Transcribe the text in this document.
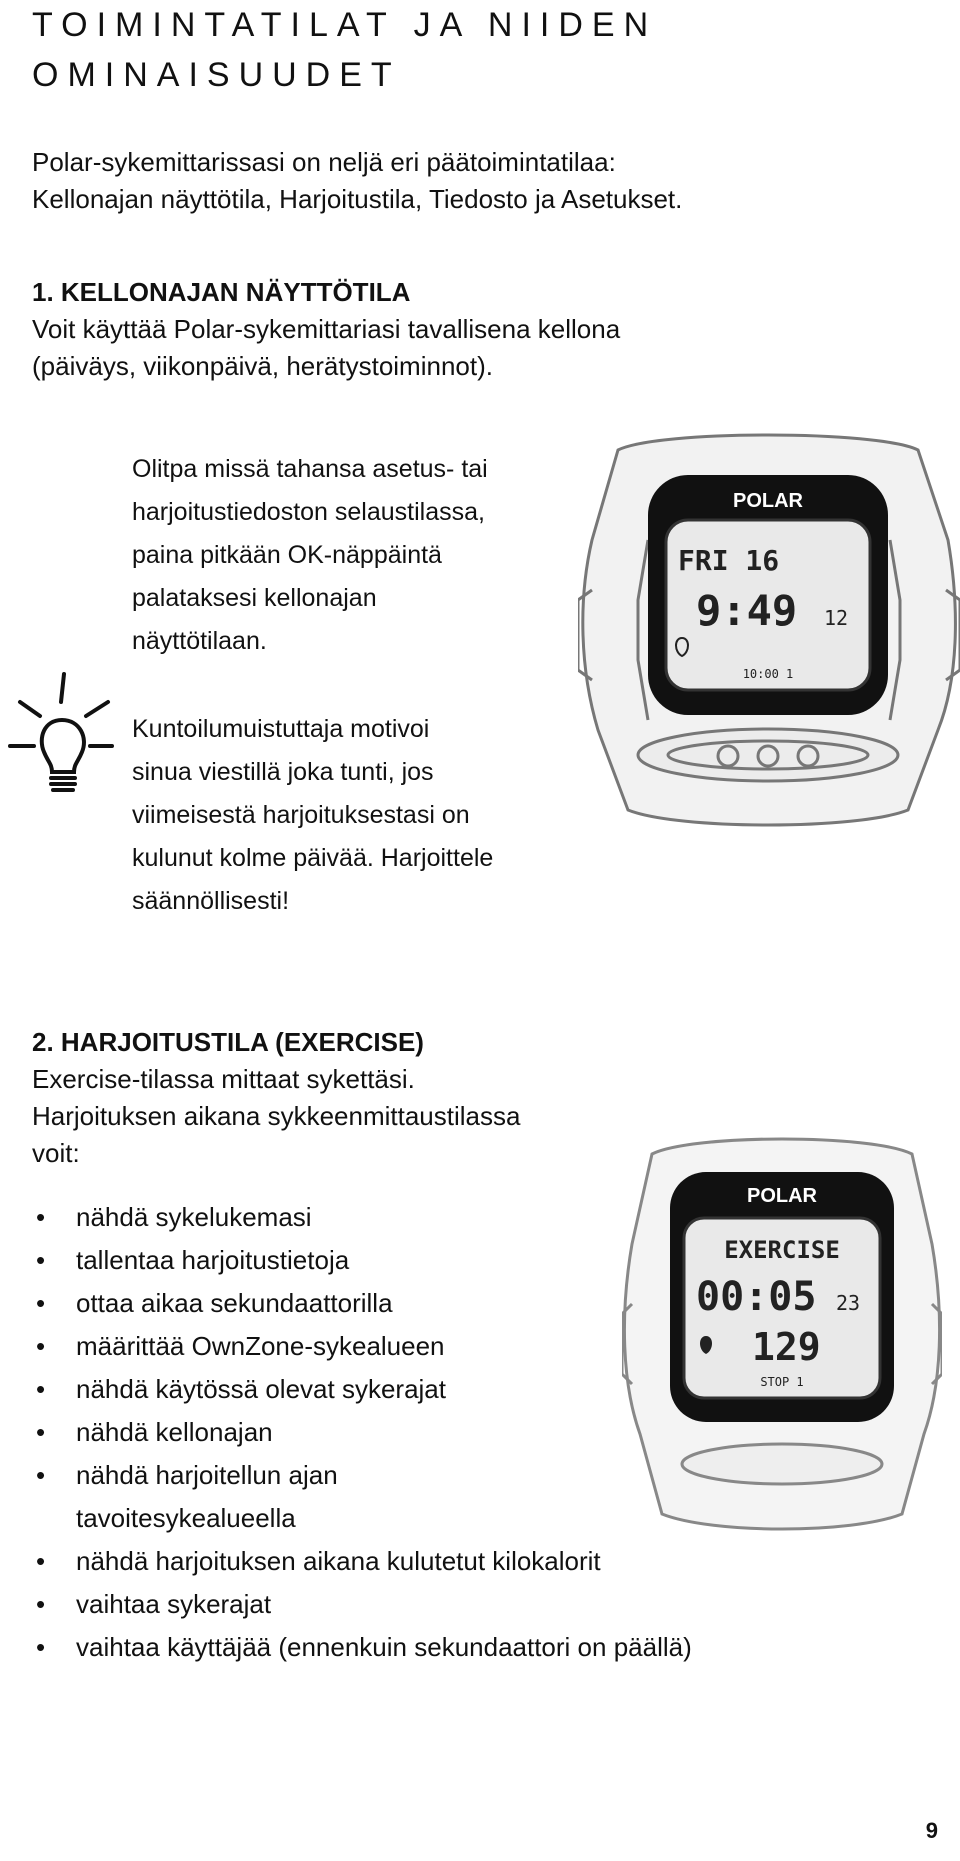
TOIMINTATILAT JA NIIDEN
OMINAISUUDET

Polar-sykemittarissasi on neljä eri päätoimintatilaa:

Kellonajan näyttötila, Harjoitustila, Tiedosto ja Asetukset.

1. KELLONAJAN NÄYTTÖTILA

Voit käyttää Polar-sykemittariasi tavallisena kellona

(päiväys, viikonpäivä, herätystoiminnot).

Olitpa missä tahansa asetus- tai

harjoitustiedoston selaustilassa,

paina pitkään OK-näppäintä

palataksesi kellonajan

näyttötilaan.

Kuntoilumuistuttaja motivoi

sinua viestillä joka tunti, jos

viimeisestä harjoituksestasi on

kulunut kolme päivää. Harjoittele

säännöllisesti!

POLAR
FRI 16
9:49 12
10:00 1

2. HARJOITUSTILA (EXERCISE)

Exercise-tilassa mittaat sykettäsi.

Harjoituksen aikana sykkeenmittaustilassa

voit:

• nähdä sykelukemasi
• tallentaa harjoitustietoja
• ottaa aikaa sekundaattorilla
• määrittää OwnZone-sykealueen
• nähdä käytössä olevat sykerajat
• nähdä kellonajan
• nähdä harjoitellun ajan
tavoitesykealueella
• nähdä harjoituksen aikana kulutetut kilokalorit
• vaihtaa sykerajat
• vaihtaa käyttäjää (ennenkuin sekundaattori on päällä)
POLAR
EXERCISE
00:05 23
129
STOP 1
9
